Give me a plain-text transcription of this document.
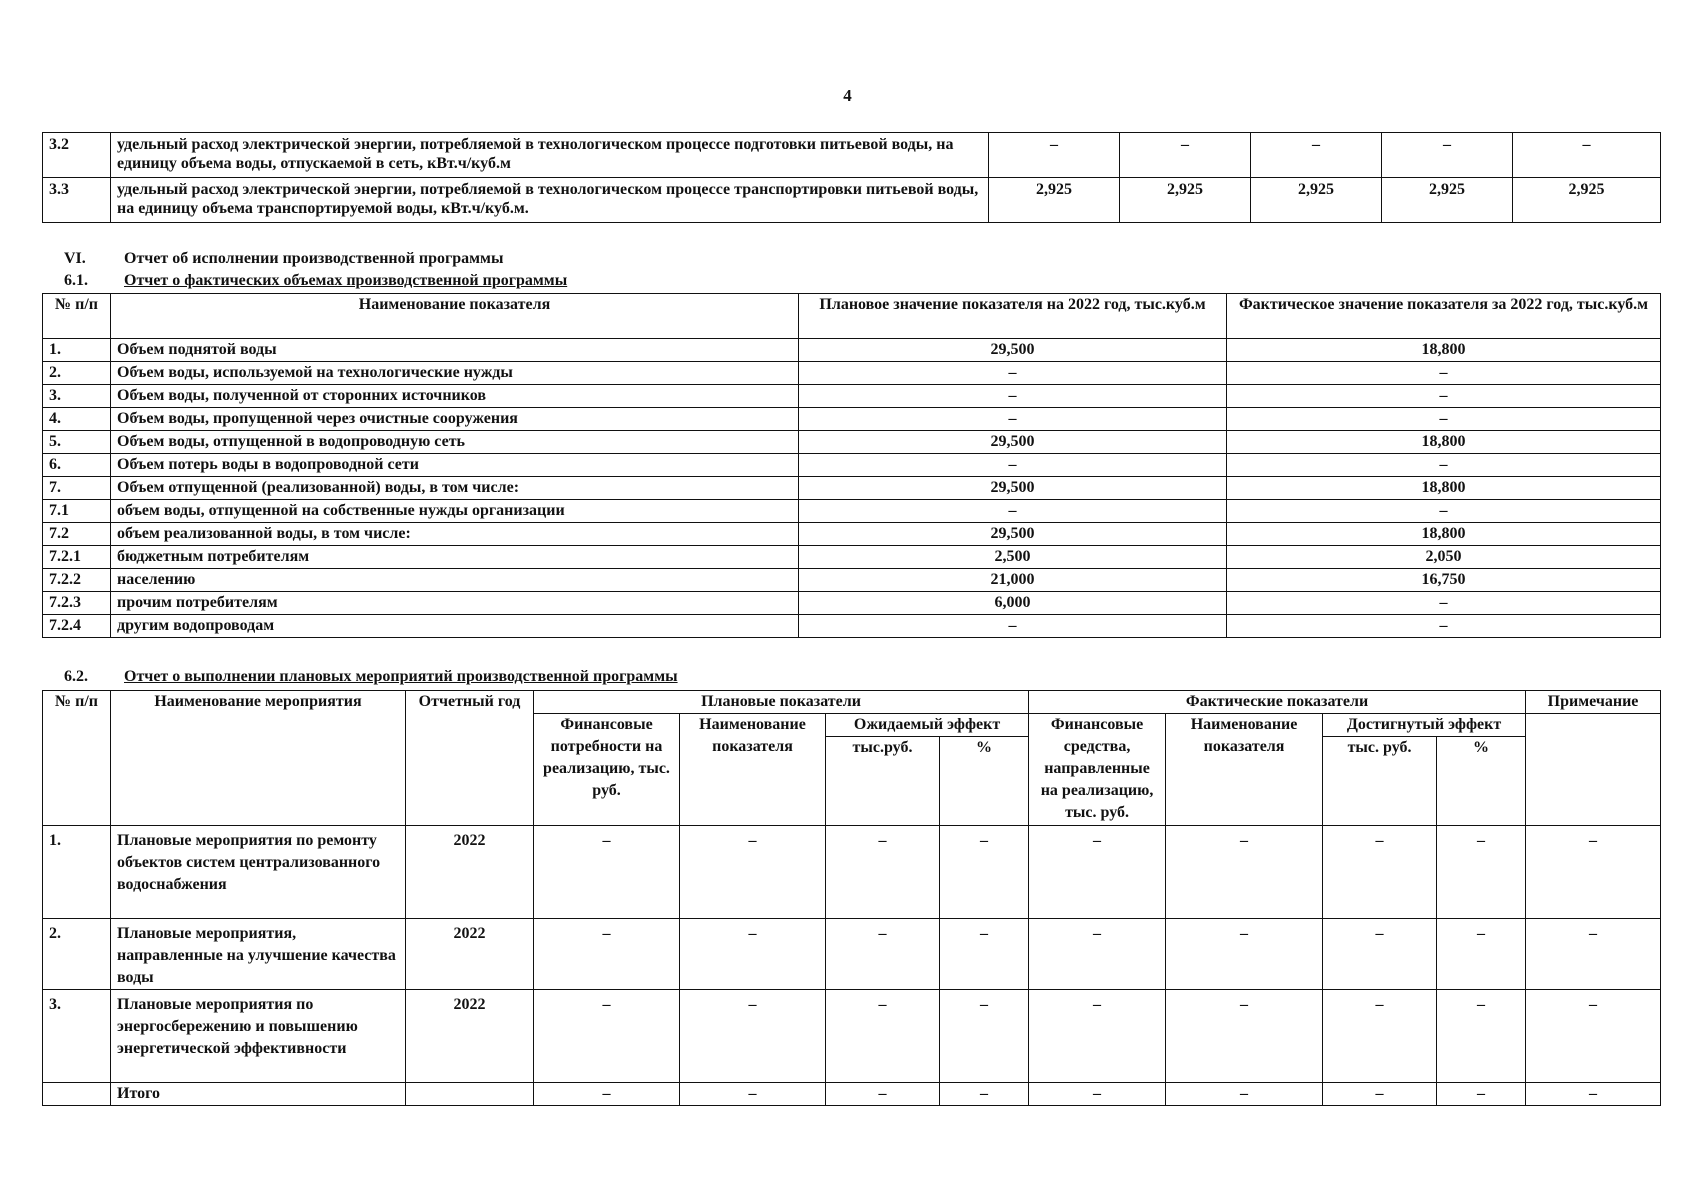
4
3.2	удельный расход электрической энергии, потребляемой в технологическом процессе подготовки питьевой воды, на единицу объема воды, отпускаемой в сеть, кВт.ч/куб.м	–	–	–	–	–
3.3	удельный расход электрической энергии, потребляемой в технологическом процессе транспортировки питьевой воды, на единицу объема транспортируемой воды, кВт.ч/куб.м.	2,925	2,925	2,925	2,925	2,925
VI. Отчет об исполнении производственной программы
6.1. Отчет о фактических объемах производственной программы
№ п/п	Наименование показателя	Плановое значение показателя на 2022 год, тыс.куб.м	Фактическое значение показателя за 2022 год, тыс.куб.м
1.	Объем поднятой воды	29,500	18,800
2.	Объем воды, используемой на технологические нужды	–	–
3.	Объем воды, полученной от сторонних источников	–	–
4.	Объем воды, пропущенной через очистные сооружения	–	–
5.	Объем воды, отпущенной в водопроводную сеть	29,500	18,800
6.	Объем потерь воды в водопроводной сети	–	–
7.	Объем отпущенной (реализованной) воды, в том числе:	29,500	18,800
7.1	объем воды, отпущенной на собственные нужды организации	–	–
7.2	объем реализованной воды, в том числе:	29,500	18,800
7.2.1	бюджетным потребителям	2,500	2,050
7.2.2	населению	21,000	16,750
7.2.3	прочим потребителям	6,000	–
7.2.4	другим водопроводам	–	–
6.2. Отчет о выполнении плановых мероприятий производственной программы
№ п/п	Наименование мероприятия	Отчетный год	Плановые показатели				Фактические показатели				Примечание
			Финансовые потребности на реализацию, тыс. руб.	Наименование показателя	Ожидаемый эффект		Финансовые средства, направленные на реализацию, тыс. руб.	Наименование показателя	Достигнутый эффект		
					тыс.руб.	%			тыс. руб.	%	
1.	Плановые мероприятия по ремонту объектов систем централизованного водоснабжения	2022	–	–	–	–	–	–	–	–	–
2.	Плановые мероприятия, направленные на улучшение качества воды	2022	–	–	–	–	–	–	–	–	–
3.	Плановые мероприятия по энергосбережению и повышению энергетической эффективности	2022	–	–	–	–	–	–	–	–	–
	Итого		–	–	–	–	–	–	–	–	–
